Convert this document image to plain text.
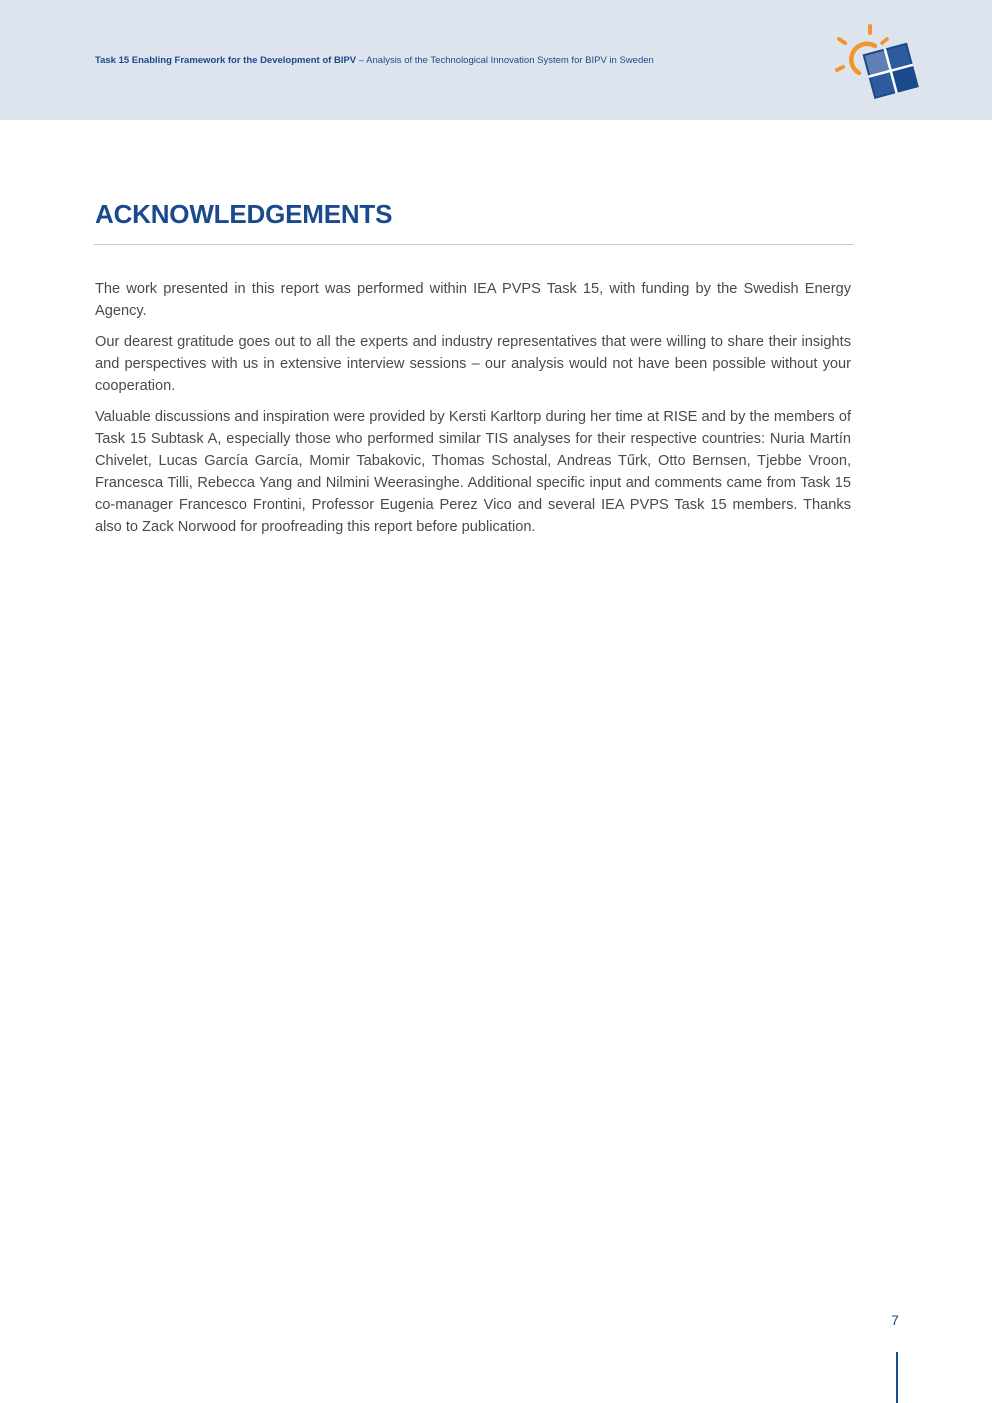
Task 15 Enabling Framework for the Development of BIPV – Analysis of the Technological Innovation System for BIPV in Sweden
ACKNOWLEDGEMENTS

The work presented in this report was performed within IEA PVPS Task 15, with funding by the Swedish Energy Agency.

Our dearest gratitude goes out to all the experts and industry representatives that were willing to share their insights and perspectives with us in extensive interview sessions – our analysis would not have been possible without your cooperation.

Valuable discussions and inspiration were provided by Kersti Karltorp during her time at RISE and by the members of Task 15 Subtask A, especially those who performed similar TIS analyses for their respective countries: Nuria Martín Chivelet, Lucas García García, Momir Tabakovic, Thomas Schostal, Andreas Tűrk, Otto Bernsen, Tjebbe Vroon, Francesca Tilli, Rebecca Yang and Nilmini Weerasinghe. Additional specific input and comments came from Task 15 co-manager Francesco Frontini, Professor Eugenia Perez Vico and several IEA PVPS Task 15 members. Thanks also to Zack Norwood for proofreading this report before publication.

7
